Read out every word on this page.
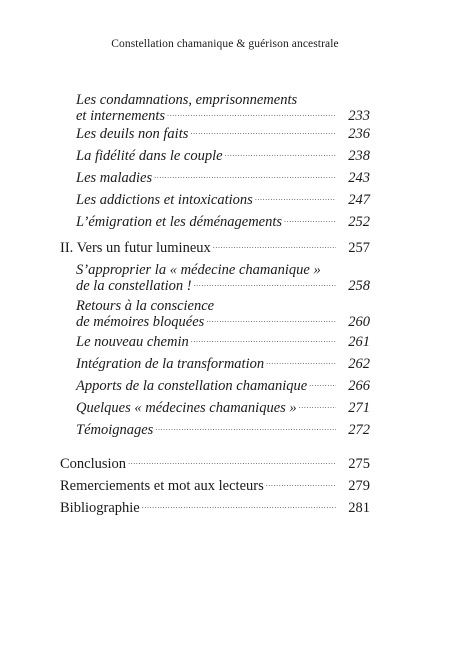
Constellation chamanique & guérison ancestrale
Les condamnations, emprisonnements
et internements .....	233
Les deuils non faits .....	236
La fidélité dans le couple .....	238
Les maladies .....	243
Les addictions et intoxications .....	247
L’émigration et les déménagements .....	252
II. Vers un futur lumineux .....	257
S’approprier la « médecine chamanique »
de la constellation ! .....	258
Retours à la conscience
de mémoires bloquées .....	260
Le nouveau chemin .....	261
Intégration de la transformation .....	262
Apports de la constellation chamanique .....	266
Quelques « médecines chamaniques » .....	271
Témoignages .....	272
Conclusion .....	275
Remerciements et mot aux lecteurs .....	279
Bibliographie .....	281
